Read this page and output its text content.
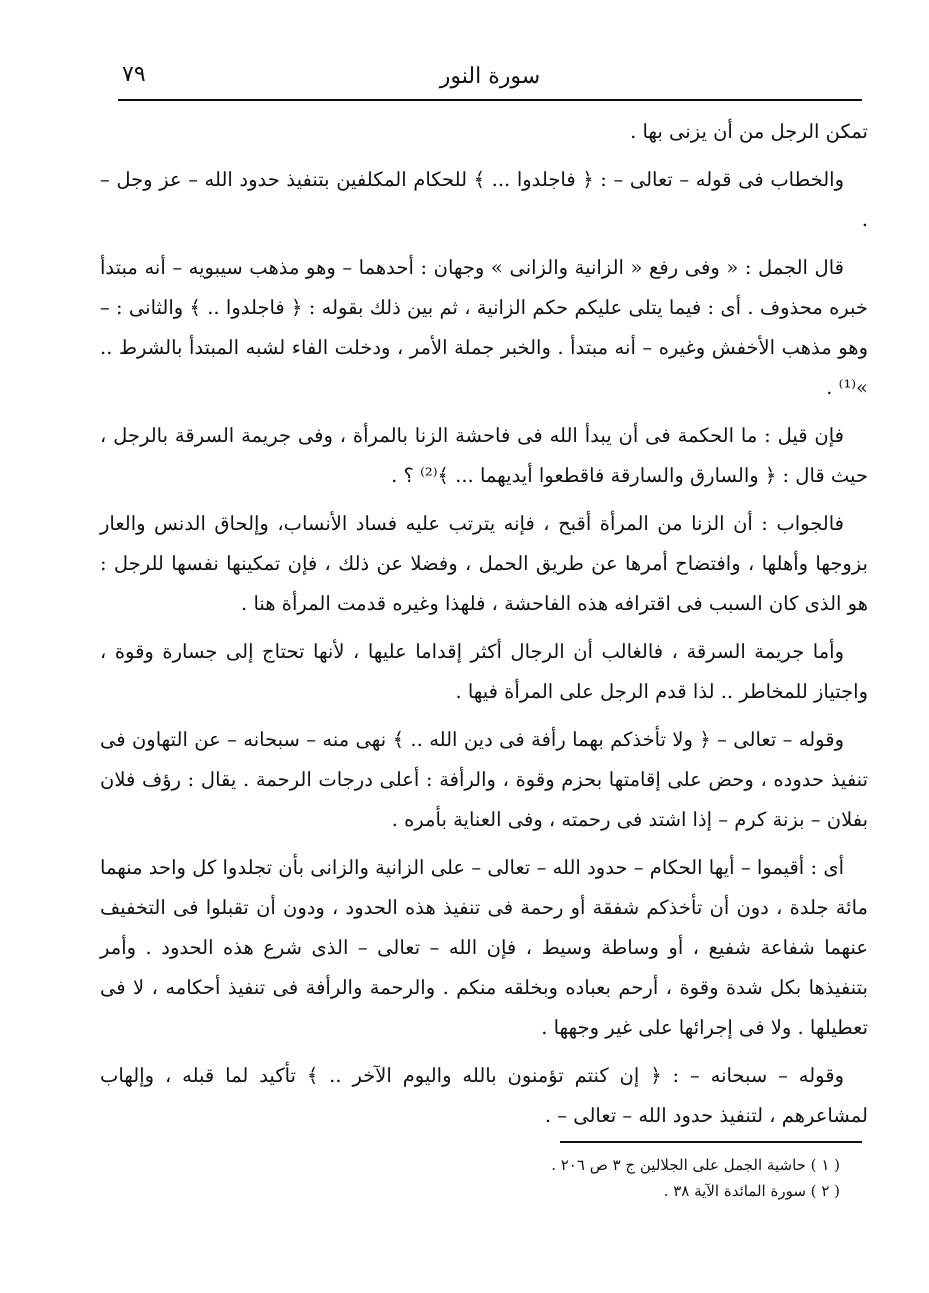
سورة النور
٧٩

تمكن الرجل من أن يزنى بها .

والخطاب فى قوله – تعالى – : ﴿ فاجلدوا ... ﴾ للحكام المكلفين بتنفيذ حدود الله – عز وجل – .

قال الجمل : « وفى رفع « الزانية والزانى » وجهان : أحدهما – وهو مذهب سيبويه – أنه مبتدأ خبره محذوف . أى : فيما يتلى عليكم حكم الزانية ، ثم بين ذلك بقوله : ﴿ فاجلدوا .. ﴾ والثانى : – وهو مذهب الأخفش وغيره – أنه مبتدأ . والخبر جملة الأمر ، ودخلت الفاء لشبه المبتدأ بالشرط .. »⁽¹⁾ .

فإن قيل : ما الحكمة فى أن يبدأ الله فى فاحشة الزنا بالمرأة ، وفى جريمة السرقة بالرجل ، حيث قال : ﴿ والسارق والسارقة فاقطعوا أيديهما ... ﴾⁽²⁾ ؟ .

فالجواب : أن الزنا من المرأة أقبح ، فإنه يترتب عليه فساد الأنساب، وإلحاق الدنس والعار بزوجها وأهلها ، وافتضاح أمرها عن طريق الحمل ، وفضلا عن ذلك ، فإن تمكينها نفسها للرجل : هو الذى كان السبب فى اقترافه هذه الفاحشة ، فلهذا وغيره قدمت المرأة هنا .

وأما جريمة السرقة ، فالغالب أن الرجال أكثر إقداما عليها ، لأنها تحتاج إلى جسارة وقوة ، واجتياز للمخاطر .. لذا قدم الرجل على المرأة فيها .

وقوله – تعالى – ﴿ ولا تأخذكم بهما رأفة فى دين الله .. ﴾ نهى منه – سبحانه – عن التهاون فى تنفيذ حدوده ، وحض على إقامتها بحزم وقوة ، والرأفة : أعلى درجات الرحمة . يقال : رؤف فلان بفلان – بزنة كرم – إذا اشتد فى رحمته ، وفى العناية بأمره .

أى : أقيموا – أيها الحكام – حدود الله – تعالى – على الزانية والزانى بأن تجلدوا كل واحد منهما مائة جلدة ، دون أن تأخذكم شفقة أو رحمة فى تنفيذ هذه الحدود ، ودون أن تقبلوا فى التخفيف عنهما شفاعة شفيع ، أو وساطة وسيط ، فإن الله – تعالى – الذى شرع هذه الحدود . وأمر بتنفيذها بكل شدة وقوة ، أرحم بعباده وبخلقه منكم . والرحمة والرأفة فى تنفيذ أحكامه ، لا فى تعطيلها . ولا فى إجرائها على غير وجهها .

وقوله – سبحانه – : ﴿ إن كنتم تؤمنون بالله واليوم الآخر .. ﴾ تأكيد لما قبله ، وإلهاب لمشاعرهم ، لتنفيذ حدود الله – تعالى – .

( ١ ) حاشية الجمل على الجلالين ج ٣ ص ٢٠٦ .
( ٢ ) سورة المائدة الآية ٣٨ .
